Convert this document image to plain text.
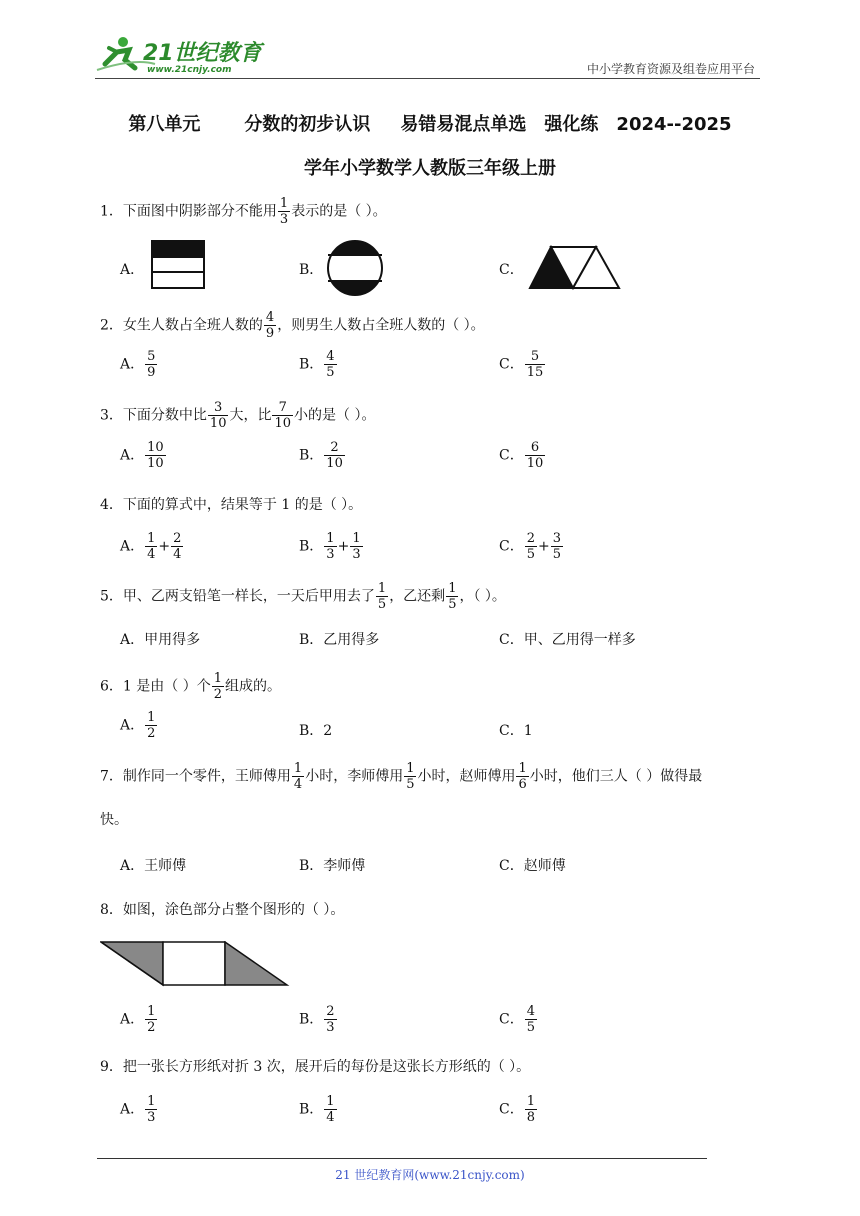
21世纪教育
www.21cnjy.com	中小学教育资源及组卷应用平台
第八单元 分数的初步认识 易错易混点单选 强化练 2024--2025
学年小学数学人教版三年级上册
1．下面图中阴影部分不能用 $\frac{1}{3}$ 表示的是（ ）。
A．	B．	C．
2．女生人数占全班人数的 $\frac{4}{9}$ ，则男生人数占全班人数的（ ）。
A． $\frac{5}{9}$	B． $\frac{4}{5}$	C． $\frac{5}{15}$
3．下面分数中比 $\frac{3}{10}$ 大，比 $\frac{7}{10}$ 小的是（ ）。
A． $\frac{10}{10}$	B． $\frac{2}{10}$	C． $\frac{6}{10}$
4．下面的算式中，结果等于 1 的是（ ）。
A． $\frac{1}{4} + \frac{2}{4}$	B． $\frac{1}{3} + \frac{1}{3}$	C． $\frac{2}{5} + \frac{3}{5}$
5．甲、乙两支铅笔一样长，一天后甲用去了 $\frac{1}{5}$ ，乙还剩 $\frac{1}{5}$ ，（ ）。
A．甲用得多	B．乙用得多	C．甲、乙用得一样多
6．1 是由（ ）个 $\frac{1}{2}$ 组成的。
A． $\frac{1}{2}$	B．2	C．1
7．制作同一个零件，王师傅用 $\frac{1}{4}$ 小时，李师傅用 $\frac{1}{5}$ 小时，赵师傅用 $\frac{1}{6}$ 小时，他们三人（ ）做得最
快。
A．王师傅	B．李师傅	C．赵师傅
8．如图，涂色部分占整个图形的（ ）。
A． $\frac{1}{2}$	B． $\frac{2}{3}$	C． $\frac{4}{5}$
9．把一张长方形纸对折 3 次，展开后的每份是这张长方形纸的（ ）。
A． $\frac{1}{3}$	B． $\frac{1}{4}$	C． $\frac{1}{8}$
21 世纪教育网(www.21cnjy.com)
